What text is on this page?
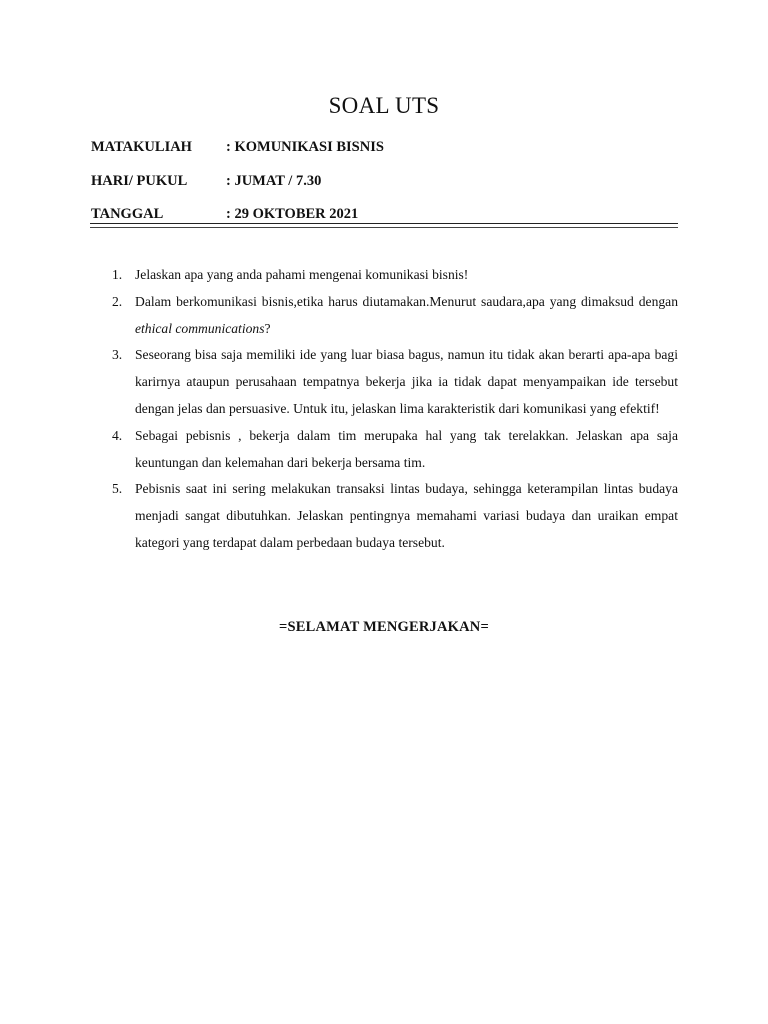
SOAL UTS
MATAKULIAH : KOMUNIKASI BISNIS
HARI/ PUKUL	: JUMAT / 7.30
TANGGAL	: 29 OKTOBER 2021
1. Jelaskan apa yang anda pahami mengenai komunikasi bisnis!
2. Dalam berkomunikasi bisnis,etika harus diutamakan.Menurut saudara,apa yang dimaksud dengan ethical communications?
3. Seseorang bisa saja memiliki ide yang luar biasa bagus, namun itu tidak akan berarti apa-apa bagi karirnya ataupun perusahaan tempatnya bekerja jika ia tidak dapat menyampaikan ide tersebut dengan jelas dan persuasive. Untuk itu, jelaskan lima karakteristik dari komunikasi yang efektif!
4. Sebagai pebisnis , bekerja dalam tim merupaka hal yang tak terelakkan. Jelaskan apa saja keuntungan dan kelemahan dari bekerja bersama tim.
5. Pebisnis saat ini sering melakukan transaksi lintas budaya, sehingga keterampilan lintas budaya menjadi sangat dibutuhkan. Jelaskan pentingnya memahami variasi budaya dan uraikan empat kategori yang terdapat dalam perbedaan budaya tersebut.
=SELAMAT MENGERJAKAN=
